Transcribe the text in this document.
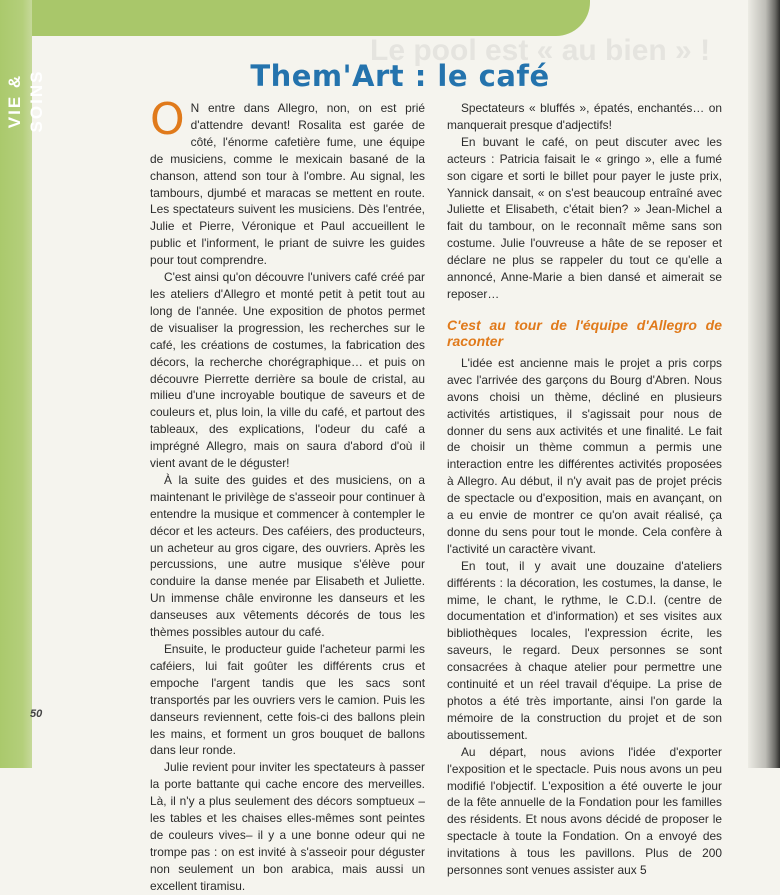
VIE & SOINS
Le pool est « au bien » !
Them'Art : le café

O N entre dans Allegro, non, on est prié d'attendre devant! Rosalita est garée de côté, l'énorme cafetière fume, une équipe de musiciens, comme le mexicain basané de la chanson, attend son tour à l'ombre. Au signal, les tambours, djumbé et maracas se mettent en route. Les spectateurs suivent les musiciens. Dès l'entrée, Julie et Pierre, Véronique et Paul accueillent le public et l'informent, le priant de suivre les guides pour tout comprendre.

C'est ainsi qu'on découvre l'univers café créé par les ateliers d'Allegro et monté petit à petit tout au long de l'année. Une exposition de photos permet de visualiser la progression, les recherches sur le café, les créations de costumes, la fabrication des décors, la recherche chorégraphique… et puis on découvre Pierrette derrière sa boule de cristal, au milieu d'une incroyable boutique de saveurs et de couleurs et, plus loin, la ville du café, et partout des tableaux, des explications, l'odeur du café a imprégné Allegro, mais on saura d'abord d'où il vient avant de le déguster!

À la suite des guides et des musiciens, on a maintenant le privilège de s'asseoir pour continuer à entendre la musique et commencer à contempler le décor et les acteurs. Des caféiers, des producteurs, un acheteur au gros cigare, des ouvriers. Après les percussions, une autre musique s'élève pour conduire la danse menée par Elisabeth et Juliette. Un immense châle environne les danseurs et les danseuses aux vêtements décorés de tous les thèmes possibles autour du café.

Ensuite, le producteur guide l'acheteur parmi les caféiers, lui fait goûter les différents crus et empoche l'argent tandis que les sacs sont transportés par les ouvriers vers le camion. Puis les danseurs reviennent, cette fois-ci des ballons plein les mains, et forment un gros bouquet de ballons dans leur ronde.

Julie revient pour inviter les spectateurs à passer la porte battante qui cache encore des merveilles. Là, il n'y a plus seulement des décors somptueux –les tables et les chaises elles-mêmes sont peintes de couleurs vives– il y a une bonne odeur qui ne trompe pas : on est invité à s'asseoir pour déguster non seulement un bon arabica, mais aussi un excellent tiramisu.

Spectateurs « bluffés », épatés, enchantés… on manquerait presque d'adjectifs!

En buvant le café, on peut discuter avec les acteurs : Patricia faisait le « gringo », elle a fumé son cigare et sorti le billet pour payer le juste prix, Yannick dansait, « on s'est beaucoup entraîné avec Juliette et Elisabeth, c'était bien? » Jean-Michel a fait du tambour, on le reconnaît même sans son costume. Julie l'ouvreuse a hâte de se reposer et déclare ne plus se rappeler du tout ce qu'elle a annoncé, Anne-Marie a bien dansé et aimerait se reposer…

C'est au tour de l'équipe d'Allegro de raconter

L'idée est ancienne mais le projet a pris corps avec l'arrivée des garçons du Bourg d'Abren. Nous avons choisi un thème, décliné en plusieurs activités artistiques, il s'agissait pour nous de donner du sens aux activités et une finalité. Le fait de choisir un thème commun a permis une interaction entre les différentes activités proposées à Allegro. Au début, il n'y avait pas de projet précis de spectacle ou d'exposition, mais en avançant, on a eu envie de montrer ce qu'on avait réalisé, ça donne du sens pour tout le monde. Cela confère à l'activité un caractère vivant.

En tout, il y avait une douzaine d'ateliers différents : la décoration, les costumes, la danse, le mime, le chant, le rythme, le C.D.I. (centre de documentation et d'information) et ses visites aux bibliothèques locales, l'expression écrite, les saveurs, le regard. Deux personnes se sont consacrées à chaque atelier pour permettre une continuité et un réel travail d'équipe. La prise de photos a été très importante, ainsi l'on garde la mémoire de la construction du projet et de son aboutissement.

Au départ, nous avions l'idée d'exporter l'exposition et le spectacle. Puis nous avons un peu modifié l'objectif. L'exposition a été ouverte le jour de la fête annuelle de la Fondation pour les familles des résidents. Et nous avons décidé de proposer le spectacle à toute la Fondation. On a envoyé des invitations à tous les pavillons. Plus de 200 personnes sont venues assister aux 5

50
